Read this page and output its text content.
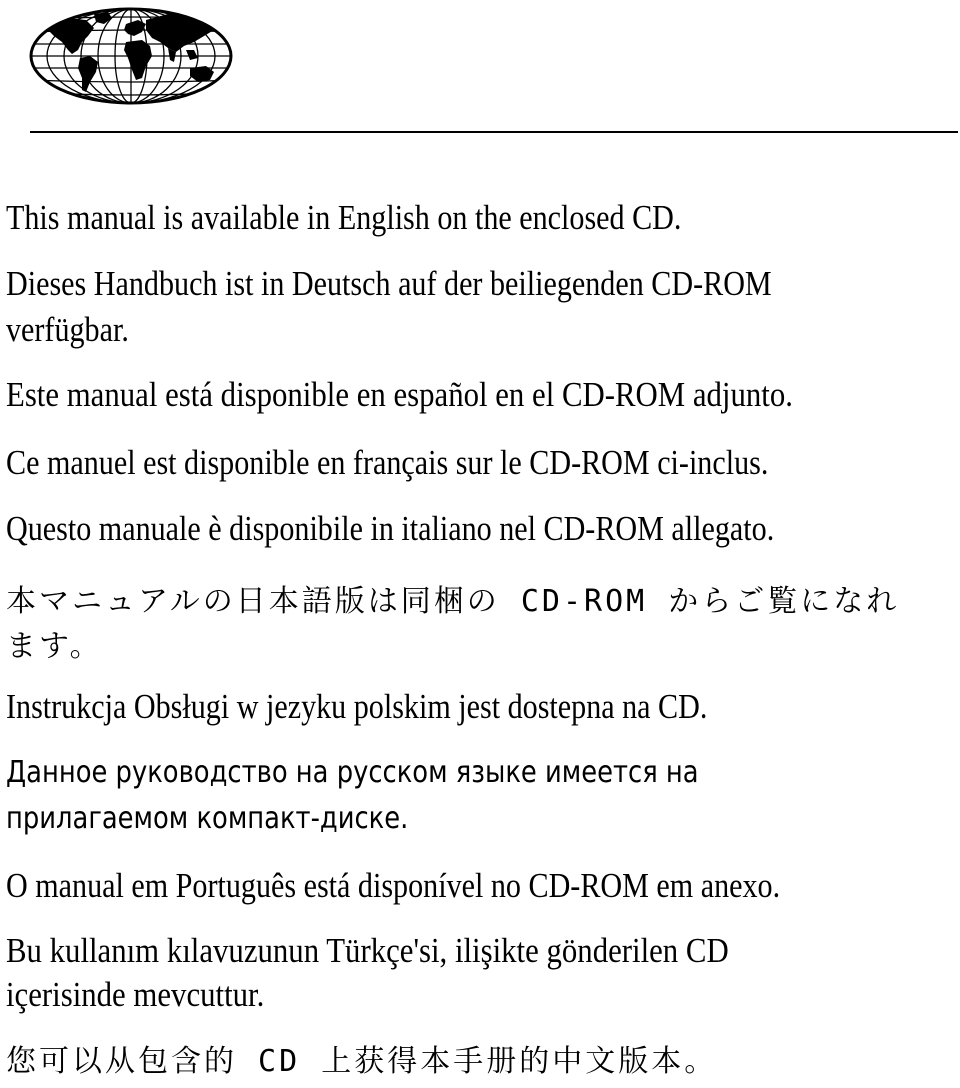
This manual is available in English on the enclosed CD.

Dieses Handbuch ist in Deutsch auf der beiliegenden CD-ROM

verfügbar.

Este manual está disponible en español en el CD-ROM adjunto.

Ce manuel est disponible en français sur le CD-ROM ci-inclus.

Questo manuale è disponibile in italiano nel CD-ROM allegato.

本マニュアルの日本語版は同梱の CD-ROM からご覧になれ

ます。

Instrukcja Obsługi w jezyku polskim jest dostepna na CD.

Данное руководство на русском языке имеется на

прилагаемом компакт-диске.

O manual em Português está disponível no CD-ROM em anexo.

Bu kullanım kılavuzunun Türkçe'si, ilişikte gönderilen CD

içerisinde mevcuttur.

您可以从包含的 CD 上获得本手册的中文版本。
